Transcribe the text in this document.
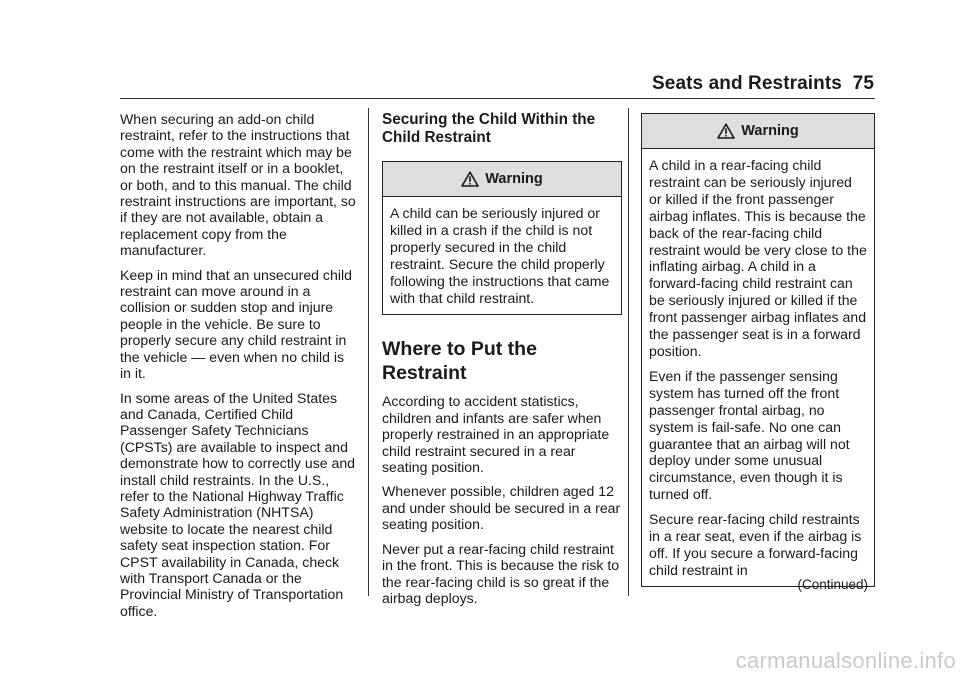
Seats and Restraints 75

When securing an add-on child restraint, refer to the instructions that come with the restraint which may be on the restraint itself or in a booklet, or both, and to this manual. The child restraint instructions are important, so if they are not available, obtain a replacement copy from the manufacturer.

Keep in mind that an unsecured child restraint can move around in a collision or sudden stop and injure people in the vehicle. Be sure to properly secure any child restraint in the vehicle — even when no child is in it.

In some areas of the United States and Canada, Certified Child Passenger Safety Technicians (CPSTs) are available to inspect and demonstrate how to correctly use and install child restraints. In the U.S., refer to the National Highway Traffic Safety Administration (NHTSA) website to locate the nearest child safety seat inspection station. For CPST availability in Canada, check with Transport Canada or the Provincial Ministry of Transportation office.

Securing the Child Within the Child Restraint
Warning

A child can be seriously injured or killed in a crash if the child is not properly secured in the child restraint. Secure the child properly following the instructions that came with that child restraint.

Where to Put the Restraint

According to accident statistics, children and infants are safer when properly restrained in an appropriate child restraint secured in a rear seating position.

Whenever possible, children aged 12 and under should be secured in a rear seating position.

Never put a rear-facing child restraint in the front. This is because the risk to the rear-facing child is so great if the airbag deploys.

Warning

A child in a rear-facing child restraint can be seriously injured or killed if the front passenger airbag inflates. This is because the back of the rear-facing child restraint would be very close to the inflating airbag. A child in a forward-facing child restraint can be seriously injured or killed if the front passenger airbag inflates and the passenger seat is in a forward position.

Even if the passenger sensing system has turned off the front passenger frontal airbag, no system is fail-safe. No one can guarantee that an airbag will not deploy under some unusual circumstance, even though it is turned off.

Secure rear-facing child restraints in a rear seat, even if the airbag is off. If you secure a forward-facing child restraint in

(Continued)
carmanualsonline.info
